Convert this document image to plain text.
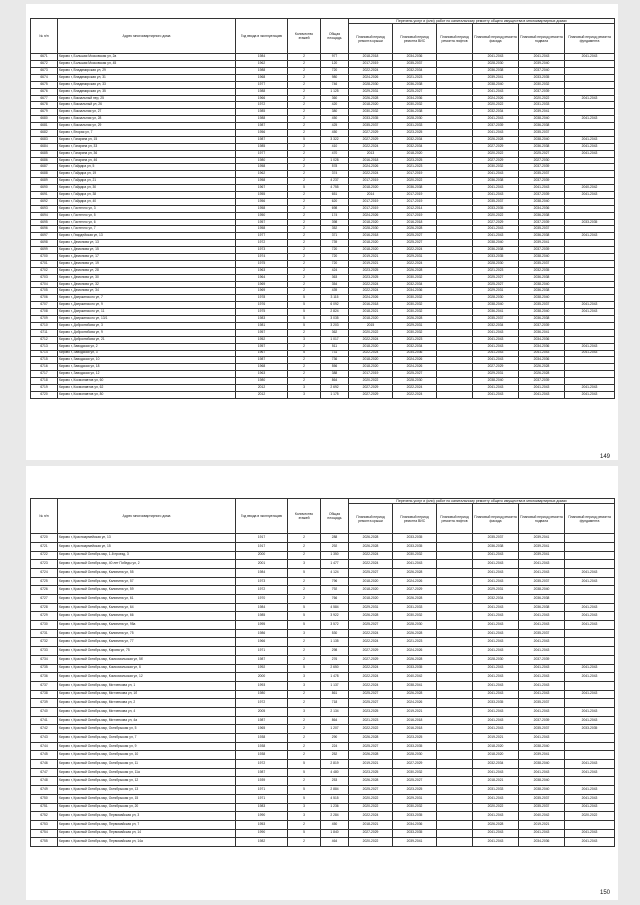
№ п/п	Адрес многоквартирного дома	Год ввода в эксплуатацию	Количество этажей	Общая площадь	Перечень услуг и (или) работ по капитальному ремонту общего имущества в многоквартирных домах					
					Плановый период ремонта крыши	Плановый период ремонта ВИС	Плановый период ремонта лифтов	Плановый период ремонта фасада	Плановый период ремонта подвала	Плановый период ремонта фундамента
6671	Кирово г, Большая Московская ул, 2а	1984	2	977	2018-2018	2034-2036		2041-2043	2041-2043	2041-2043
6672	Кирово г, Большая Московская ул, 45	1962	2	120	2017-2019	2035-2037		2028-2030	2039-2040	
6673	Кирово г, Владимирская ул, 29	1988	2	720	2022-2024	2032-2034		2036-2038	2037-2040	
6674	Кирово г, Владимирская ул, 31	1968	2	980	2024-2026	2021-2023		2039-2041	2033-2035	
6675	Кирово г, Владимирская ул, 33	1977	2	746	2028-2030	2036-2038		2038-2040	2030-2032	
6676	Кирово г, Владимирская ул, 35	1988	2	1 125	2029-2031	2025-2027		2041-2043	2037-2039	
6677	Кирово г, Вокзальный пер, 25	1966	2	360	2026-2028	2034-2036		2024-2026	2020-2022	2041-2043
6678	Кирово г, Вокзальный ул, 26	1972	2	420	2018-2020	2030-2032		2020-2022	2031-2033	
6679	Кирово г, Вокзальная ул, 27	1985	2	380	2030-2032	2036-2038		2032-2034	2039-2041	
6680	Кирово г, Вокзальная ул, 28	1988	2	450	2033-2035	2028-2030		2041-2043	2038-2040	2041-2043
6681	Кирово г, Вокзальная ул, 29	1987	2	425	2035-2037	2031-2033		2037-2039	2036-2038	
6682	Кирово г, Вторая ул, 7	1956	2	450	2027-2029	2023-2025		2041-2043	2035-2037	
6683	Кирово г, Гагарина ул, 15	1987	5	3 322	2027-2029	2032-2034		2026-2028	2038-2040	2041-2043
6684	Кирово г, Гагарина ул, 33	1985	2	410	2022-2024	2032-2034		2027-2029	2036-2038	2041-2043
6685	Кирово г, Гагарина ул, 36	1977	2	470	2013	2018-2020		2020-2022	2025-2027	2041-2043
6686	Кирово г, Гагарина ул, 46	1980	2	1 028	2016-2018	2023-2025		2027-2029	2027-2030	
6687	Кирово г, Гайдара ул, 5	1958	2	578	2024-2026	2021-2023		2030-2032	2037-2039	
6688	Кирово г, Гайдара ул, 19	1962	2	374	2022-2024	2017-2019		2041-2043	2035-2037	
6689	Кирово г, Гайдара ул, 21	1958	2	4 237	2017-2019	2020-2022		2036-2038	2037-2039	
6690	Кирово г, Гайдара ул, 30	1967	5	4 755	2018-2020	2036-2038		2041-2043	2041-2043	2040-2042
6691	Кирово г, Гайдара ул, 38	1955	2	651	2014	2017-2019		2041-2043	2037-2039	2041-2043
6692	Кирово г, Гайдара ул, 40	1956	2	620	2017-2019	2017-2019		2035-2037	2038-2040	
6693	Кирово г, Гастелло ул, 3	1958	2	698	2017-2019	2012-2014		2033-2035	2034-2036	
6694	Кирово г, Гастелло ул, 5	1950	2	174	2024-2026	2017-2019		2020-2022	2036-2038	
6695	Кирово г, Гастелло ул, 6	1957	2	398	2018-2020	2016-2018		2027-2029	2037-2039	2033-2035
6696	Кирово г, Гастелло ул, 7	1958	2	352	2028-2030	2026-2028		2041-2043	2035-2037	
6697	Кирово г, Гвардейская ул, 13	1977	2	371	2016-2018	2025-2027		2041-2043	2036-2038	2041-2043
6698	Кирово г, Демонова ул, 13	1972	2	739	2018-2020	2025-2027		2038-2040	2039-2041	
6699	Кирово г, Демонова ул, 15	1973	2	720	2018-2020	2022-2024		2036-2038	2037-2039	
6700	Кирово г, Демонова ул, 17	1974	2	720	2019-2021	2029-2031		2033-2035	2038-2040	
6701	Кирово г, Демонова ул, 19	1975	2	720	2019-2021	2022-2024		2028-2030	2035-2037	
6702	Кирово г, Демонова ул, 28	1963	2	424	2023-2025	2026-2028		2021-2023	2032-2035	
6703	Кирово г, Демонова ул, 30	1964	2	363	2023-2025	2030-2032		2025-2027	2036-2038	
6704	Кирово г, Демонова ул, 32	1969	2	354	2022-2024	2032-2034		2025-2027	2038-2040	
6705	Кирово г, Демонова ул, 34	1969	2	439	2022-2024	2034-2036		2029-2031	2036-2038	
6706	Кирово г, Дзержинского ул, 7	1978	5	3 115	2024-2026	2030-2032		2028-2030	2038-2040	
6707	Кирово г, Дзержинского ул, 9	1976	5	6 092	2016-2018	2030-2032		2038-2040	2035-2037	2041-2043
6708	Кирово г, Дзержинского ул, 11	1975	5	2 824	2018-2021	2030-2032		2036-2041	2038-2040	2041-2043
6709	Кирово г, Дзержинского ул, 13/1	1983	5	3 035	2018-2020	2026-2028		2035-2037	2036-2038	
6710	Кирово г, Добролюбова ул, 3	1981	5	3 203	2015	2029-2031		2032-2034	2037-2039	
6711	Кирово г, Добролюбова ул, 9	1957	2	362	2020-2022	2030-2032		2041-2043	2036-2041	
6712	Кирово г, Добролюбова ул, 21	1952	3	1 017	2022-2024	2021-2023		2041-2043	2034-2036	
6713	Кирово г, Заводская ул, 2	1957	2	511	2018-2020	2032-2034		2041-2043	2034-2036	2041-2043
6714	Кирово г, Заводская ул, 3	1967	5	731	2022-2024	2034-2036		2041-2043	2041-2043	2041-2043
6715	Кирово г, Заводская ул, 10	1987	2	736	2018-2020	2024-2026		2041-2043	2034-2036	
6716	Кирово г, Заводская ул, 18	1968	2	556	2018-2020	2024-2026		2027-2029	2026-2028	
6717	Кирово г, Заводская ул, 12	1963	2	388	2017-2019	2025-2027		2029-2031	2026-2028	
6718	Кирово г, Космонавтов ул, 60	1980	2	864	2020-2022	2028-2030		2038-2040	2037-2039	
6719	Кирово г, Космонавтов ул, 62	2012	3	2 692	2027-2029	2022-2024		2041-2043	2041-2043	2041-2043
6720	Кирово г, Космонавтов ул, 80	2012	3	1 175	2027-2029	2022-2024		2041-2043	2041-2043	2041-2043
149
№ п/п	Адрес многоквартирного дома	Год ввода в эксплуатацию	Количество этажей	Общая площадь	Перечень услуг и (или) работ по капитальному ремонту общего имущества в многоквартирных домах					
					Плановый период ремонта крыши	Плановый период ремонта ВИС	Плановый период ремонта лифтов	Плановый период ремонта фасада	Плановый период ремонта подвала	Плановый период ремонта фундамента
6720	Кирово г, Красноармейская ул, 13	1917	2	288	2026-2028	2033-2035		2035-2037	2039-2041	
6721	Кирово г, Красноармейская ул, 15	1917	2	292	2026-2028	2033-2035		2036-2038	2039-2041	
6722	Кирово г, Красный Октябрь мкр, 1-й проезд, 3	2000	2	1 350	2022-2024	2030-2032		2041-2043	2039-2041	
6723	Кирово г, Красный Октябрь мкр, 40 лет Победы ул, 2	2001	3	1 477	2022-2024	2041-2043		2041-2043	2041-2043	
6724	Кирово г, Красный Октябрь мкр, Калинина ул, 55	1984	5	4 124	2025-2027	2026-2028		2041-2043	2041-2043	2041-2043
6725	Кирово г, Красный Октябрь мкр, Калинина ул, 57	1973	2	796	2018-2020	2024-2026		2041-2043	2035-2037	2041-2043
6726	Кирово г, Красный Октябрь мкр, Калинина ул, 59	1972	2	792	2018-2020	2027-2029		2029-2031	2038-2040	
6727	Кирово г, Красный Октябрь мкр, Калинина ул, 61	1970	2	766	2018-2020	2026-2028		2032-2034	2036-2038	
6728	Кирово г, Красный Октябрь мкр, Калинина ул, 64	1984	5	4 584	2029-2031	2031-2033		2041-2043	2036-2038	2041-2043
6729	Кирово г, Красный Октябрь мкр, Калинина ул, 66	1985	5	3 922	2026-2028	2030-2032		2041-2043	2041-2043	2041-2043
6730	Кирово г, Красный Октябрь мкр, Калинина ул, 95а	1995	5	3 572	2025-2027	2028-2030		2041-2043	2041-2043	2041-2043
6731	Кирово г, Красный Октябрь мкр, Калинина ул, 75	1986	3	530	2022-2024	2026-2028		2041-2043	2035-2037	
6732	Кирово г, Красный Октябрь мкр, Калинина ул, 77	1966	2	1 135	2022-2024	2021-2023		2041-2043	2041-2043	
6733	Кирово г, Красный Октябрь мкр, Кирова ул, 75	1971	2	298	2027-2029	2024-2026		2041-2043	2041-2043	
6734	Кирово г, Красный Октябрь мкр, Комсомольская ул, 5б	1987	2	276	2027-2029	2026-2028		2028-2030	2037-2039	
6735	Кирово г, Красный Октябрь мкр, Комсомольская ул, 6	1992	5	2 650	2022-2024	2033-2035		2041-2043	2041-2043	2041-2043
6736	Кирово г, Красный Октябрь мкр, Комсомольская ул, 12	2000	3	1 478	2022-2024	2040-2042		2041-2043	2041-2043	2041-2043
6737	Кирово г, Красный Октябрь мкр, Митченкова ул, 1	1993	3	1 137	2022-2024	2038-2041		2041-2043	2041-2043	
6738	Кирово г, Красный Октябрь мкр, Митченкова ул, 1б	1980	2	861	2025-2027	2026-2028		2041-2043	2041-2043	2041-2043
6739	Кирово г, Красный Октябрь мкр, Митченкова ул, 2	1972	2	718	2025-2027	2024-2026		2033-2035	2035-2037	
6740	Кирово г, Красный Октябрь мкр, Митченкова ул, 4	2005	3	2 134	2023-2025	2019-2021		2041-2043	2041-2043	2041-2043
6741	Кирово г, Красный Октябрь мкр, Митченкова ул, 4а	1987	2	864	2021-2023	2016-2018		2041-2043	2037-2039	2041-2043
6742	Кирово г, Красный Октябрь мкр, Октябрьская ул, 5	1965	2	1 207	2022-2022	2016-2018		2041-2043	2035-2037	2033-2035
6743	Кирово г, Красный Октябрь мкр, Октябрьская ул, 7	1938	2	290	2026-2028	2023-2025		2019-2021	2041-2043	
6744	Кирово г, Красный Октябрь мкр, Октябрьская ул, 9	1938	2	224	2025-2027	2033-2035		2018-2020	2038-2040	
6745	Кирово г, Красный Октябрь мкр, Октябрьская ул, 10	1938	2	252	2026-2028	2028-2030		2018-2020	2039-2041	
6746	Кирово г, Красный Октябрь мкр, Октябрьская ул, 11	1972	5	2 819	2019-2021	2027-2029		2032-2034	2038-2040	2041-2043
6747	Кирово г, Красный Октябрь мкр, Октябрьская ул, 11а	1987	5	4 480	2023-2025	2030-2032		2041-2043	2041-2043	2041-2043
6748	Кирово г, Красный Октябрь мкр, Октябрьская ул, 12	1939	2	253	2026-2028	2025-2027		2018-2021	2038-2040	
6749	Кирово г, Красный Октябрь мкр, Октябрьская ул, 13	1971	5	2 884	2025-2027	2023-2025		2031-2033	2038-2040	2041-2043
6750	Кирово г, Красный Октябрь мкр, Октябрьская ул, 15	1971	5	4 515	2020-2022	2029-2031		2041-2043	2035-2037	2041-2043
6751	Кирово г, Красный Октябрь мкр, Октябрьская ул, 20	1983	3	1 236	2020-2022	2030-2032		2020-2022	2035-2037	2041-2043
6752	Кирово г, Красный Октябрь мкр, Первомайская ул, 3	1990	3	2 284	2022-2024	2033-2035		2041-2043	2040-2042	2020-2022
6753	Кирово г, Красный Октябрь мкр, Первомайская ул, 7	1953	2	450	2018-2021	2034-2036		2026-2028	2019-2021	
6754	Кирово г, Красный Октябрь мкр, Первомайская ул, 14	1990	5	1 840	2027-2029	2033-2035		2041-2043	2041-2043	2041-2043
6755	Кирово г, Красный Октябрь мкр, Первомайская ул, 14а	1982	2	464	2020-2022	2039-2041		2041-2043	2034-2036	2041-2043
150
